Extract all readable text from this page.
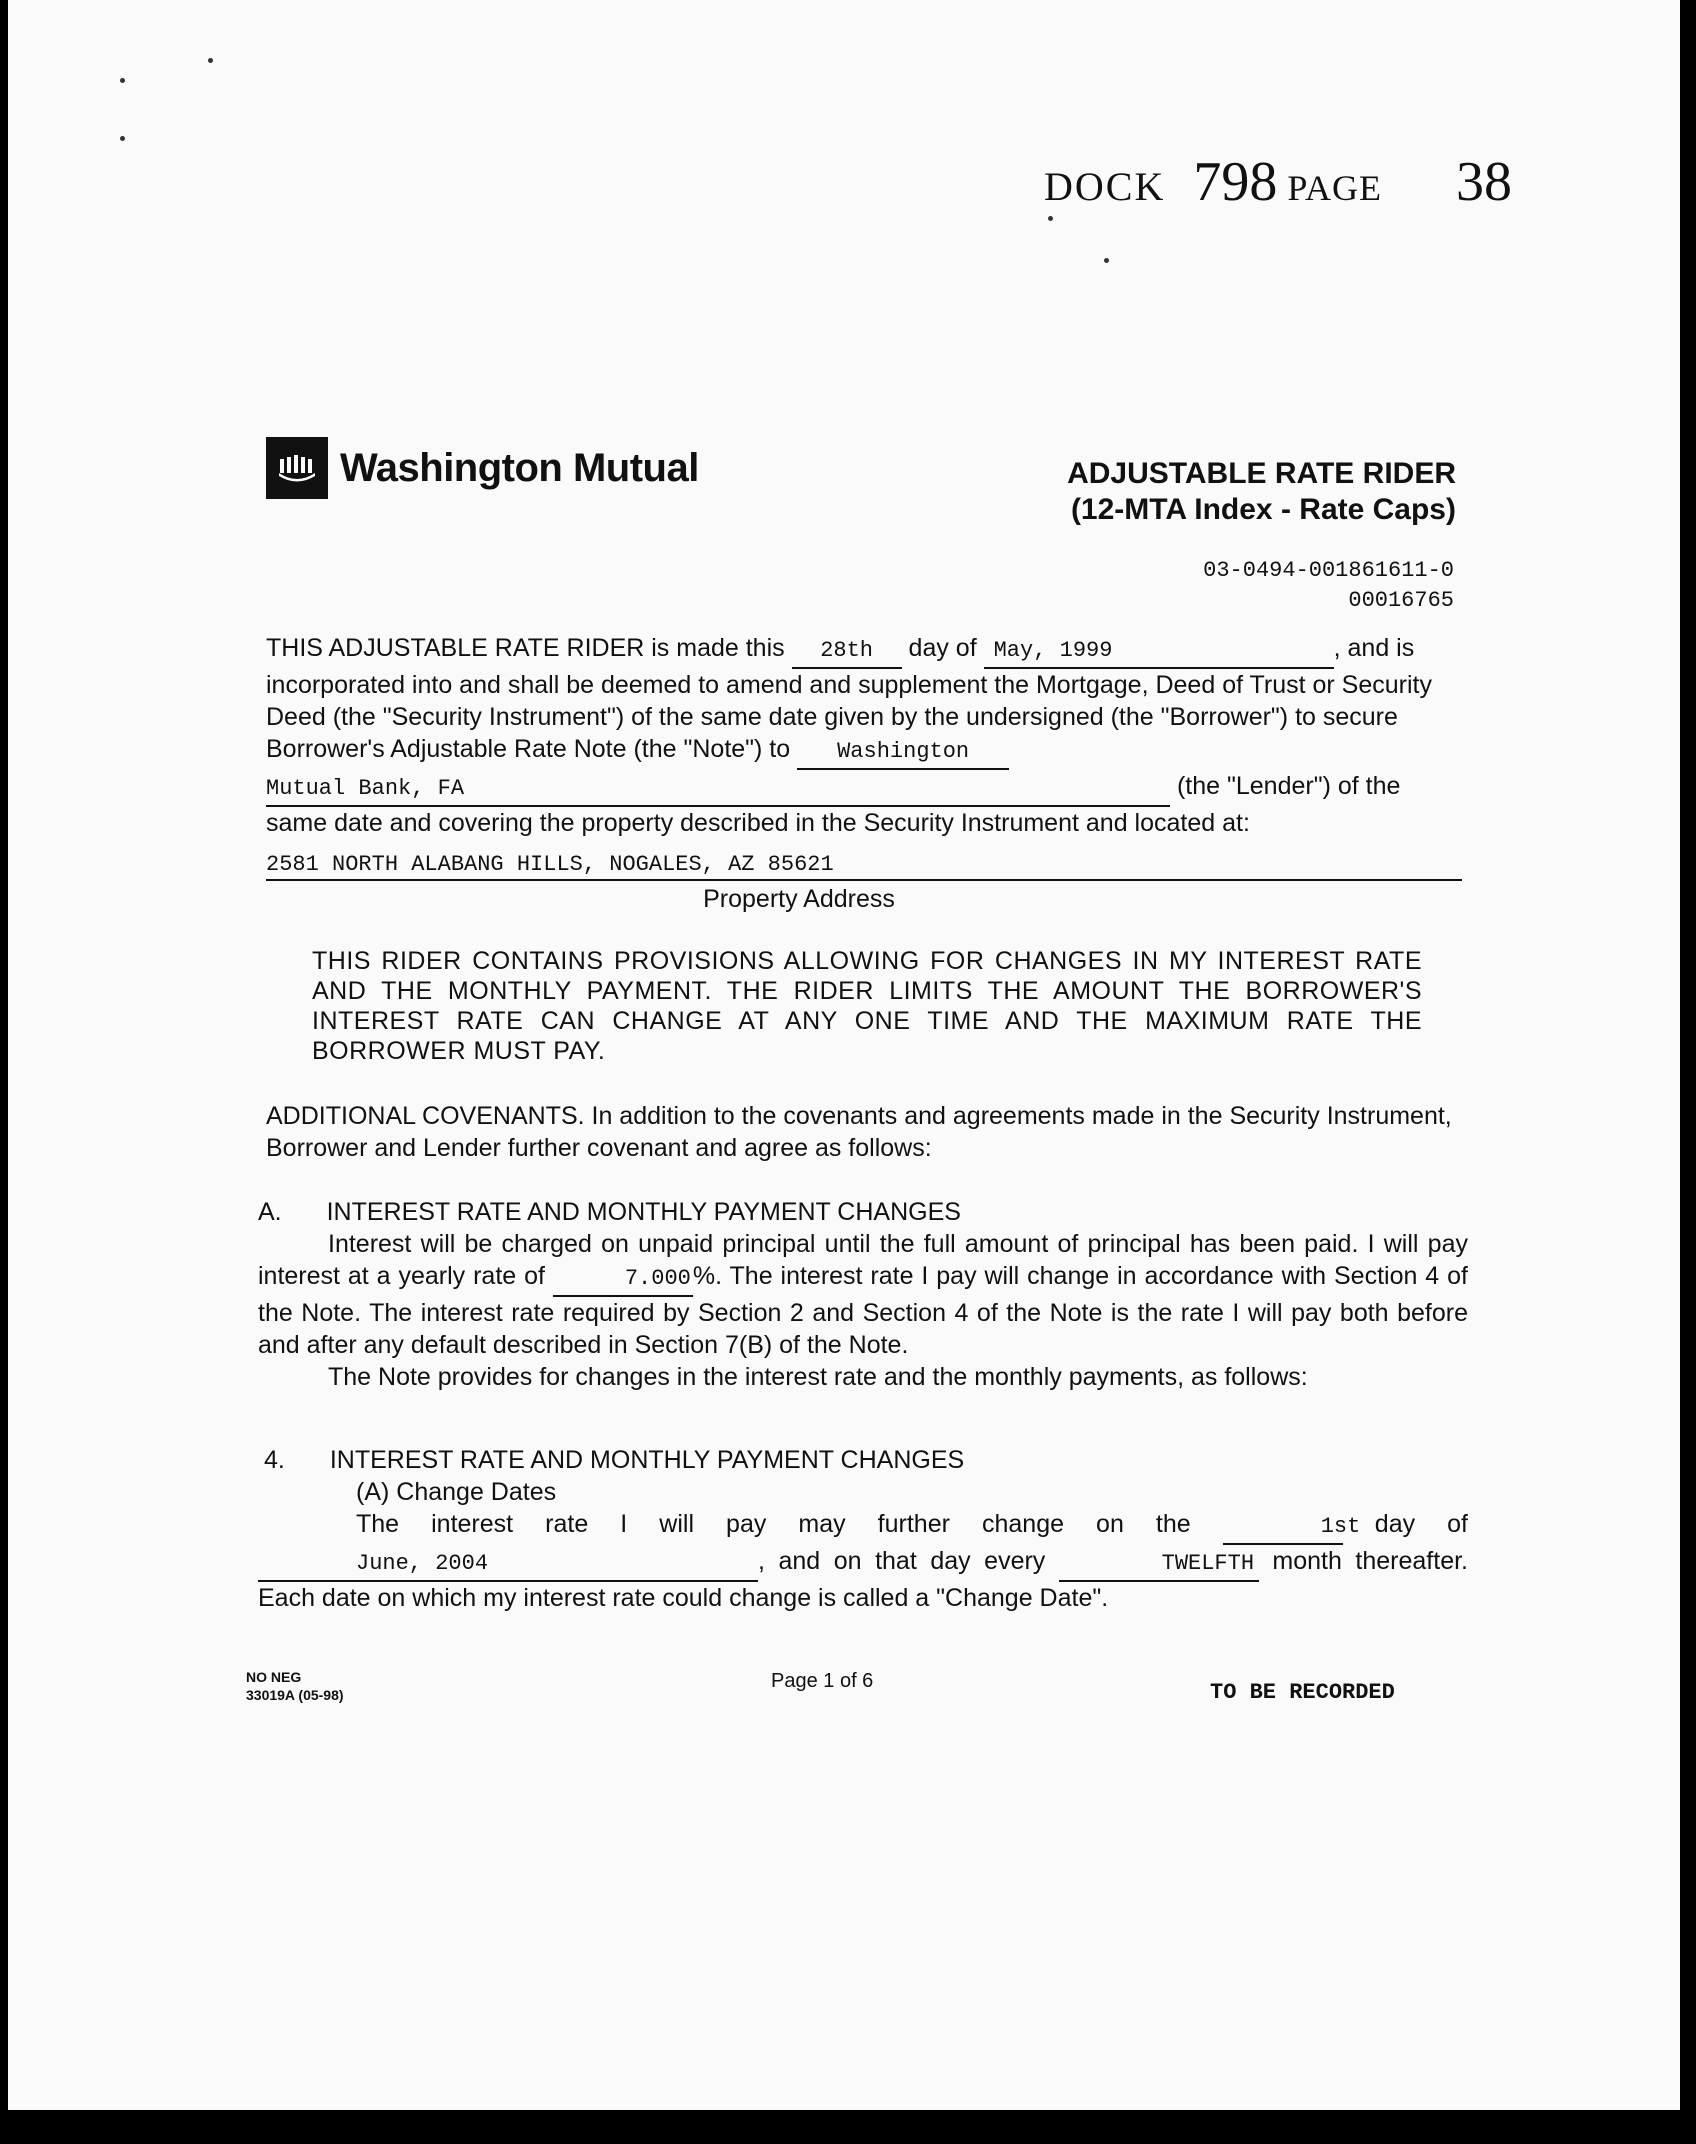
DOCK 798 PAGE 38
Washington Mutual	ADJUSTABLE RATE RIDER
(12-MTA Index - Rate Caps)
03-0494-001861611-0
00016765
THIS ADJUSTABLE RATE RIDER is made this 28th day of May, 1999	, and is incorporated into and shall be deemed to amend and supplement the Mortgage, Deed of Trust or Security Deed (the "Security Instrument") of the same date given by the undersigned (the "Borrower") to secure Borrower's Adjustable Rate Note (the "Note") to Washington Mutual Bank, FA	(the "Lender") of the same date and covering the property described in the Security Instrument and located at:
2581 NORTH ALABANG HILLS, NOGALES, AZ 85621
Property Address
THIS RIDER CONTAINS PROVISIONS ALLOWING FOR CHANGES IN MY INTEREST RATE AND THE MONTHLY PAYMENT. THE RIDER LIMITS THE AMOUNT THE BORROWER'S INTEREST RATE CAN CHANGE AT ANY ONE TIME AND THE MAXIMUM RATE THE BORROWER MUST PAY.
ADDITIONAL COVENANTS. In addition to the covenants and agreements made in the Security Instrument, Borrower and Lender further covenant and agree as follows:
A. INTEREST RATE AND MONTHLY PAYMENT CHANGES
Interest will be charged on unpaid principal until the full amount of principal has been paid. I will pay interest at a yearly rate of	7.000%. The interest rate I pay will change in accordance with Section 4 of the Note. The interest rate required by Section 2 and Section 4 of the Note is the rate I will pay both before and after any default described in Section 7(B) of the Note.
The Note provides for changes in the interest rate and the monthly payments, as follows:
4. INTEREST RATE AND MONTHLY PAYMENT CHANGES
(A) Change Dates
The interest rate I will pay may further change on the	1st day of June, 2004	, and on that day every	TWELFTH month thereafter. Each date on which my interest rate could change is called a "Change Date".
NO NEG
33019A (05-98)
Page 1 of 6	TO BE RECORDED
